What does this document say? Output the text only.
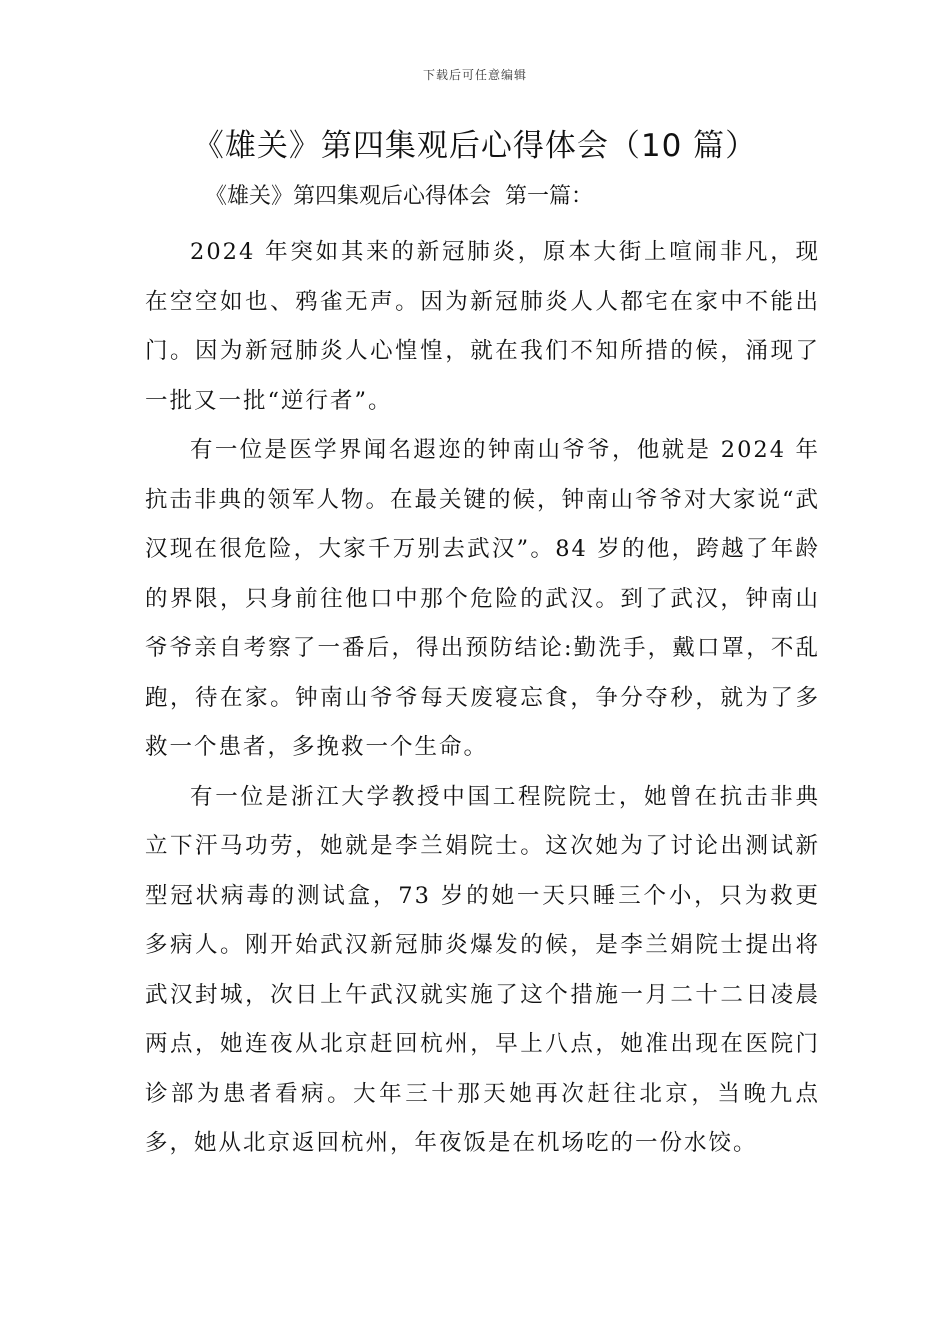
下载后可任意编辑
《雄关》第四集观后心得体会（10 篇）
《雄关》第四集观后心得体会  第一篇：

2024 年突如其来的新冠肺炎，原本大街上喧闹非凡，现在空空如也、鸦雀无声。因为新冠肺炎人人都宅在家中不能出门。因为新冠肺炎人心惶惶，就在我们不知所措的候，涌现了一批又一批“逆行者”。

有一位是医学界闻名遐迩的钟南山爷爷，他就是 2024 年抗击非典的领军人物。在最关键的候，钟南山爷爷对大家说“武汉现在很危险，大家千万别去武汉”。84 岁的他，跨越了年龄的界限，只身前往他口中那个危险的武汉。到了武汉，钟南山爷爷亲自考察了一番后，得出预防结论:勤洗手，戴口罩，不乱跑，待在家。钟南山爷爷每天废寝忘食，争分夺秒，就为了多救一个患者，多挽救一个生命。

有一位是浙江大学教授中国工程院院士，她曾在抗击非典立下汗马功劳，她就是李兰娟院士。这次她为了讨论出测试新型冠状病毒的测试盒，73 岁的她一天只睡三个小，只为救更多病人。刚开始武汉新冠肺炎爆发的候，是李兰娟院士提出将武汉封城，次日上午武汉就实施了这个措施一月二十二日凌晨两点，她连夜从北京赶回杭州，早上八点，她准出现在医院门诊部为患者看病。大年三十那天她再次赶往北京，当晚九点多，她从北京返回杭州，年夜饭是在机场吃的一份水饺。
